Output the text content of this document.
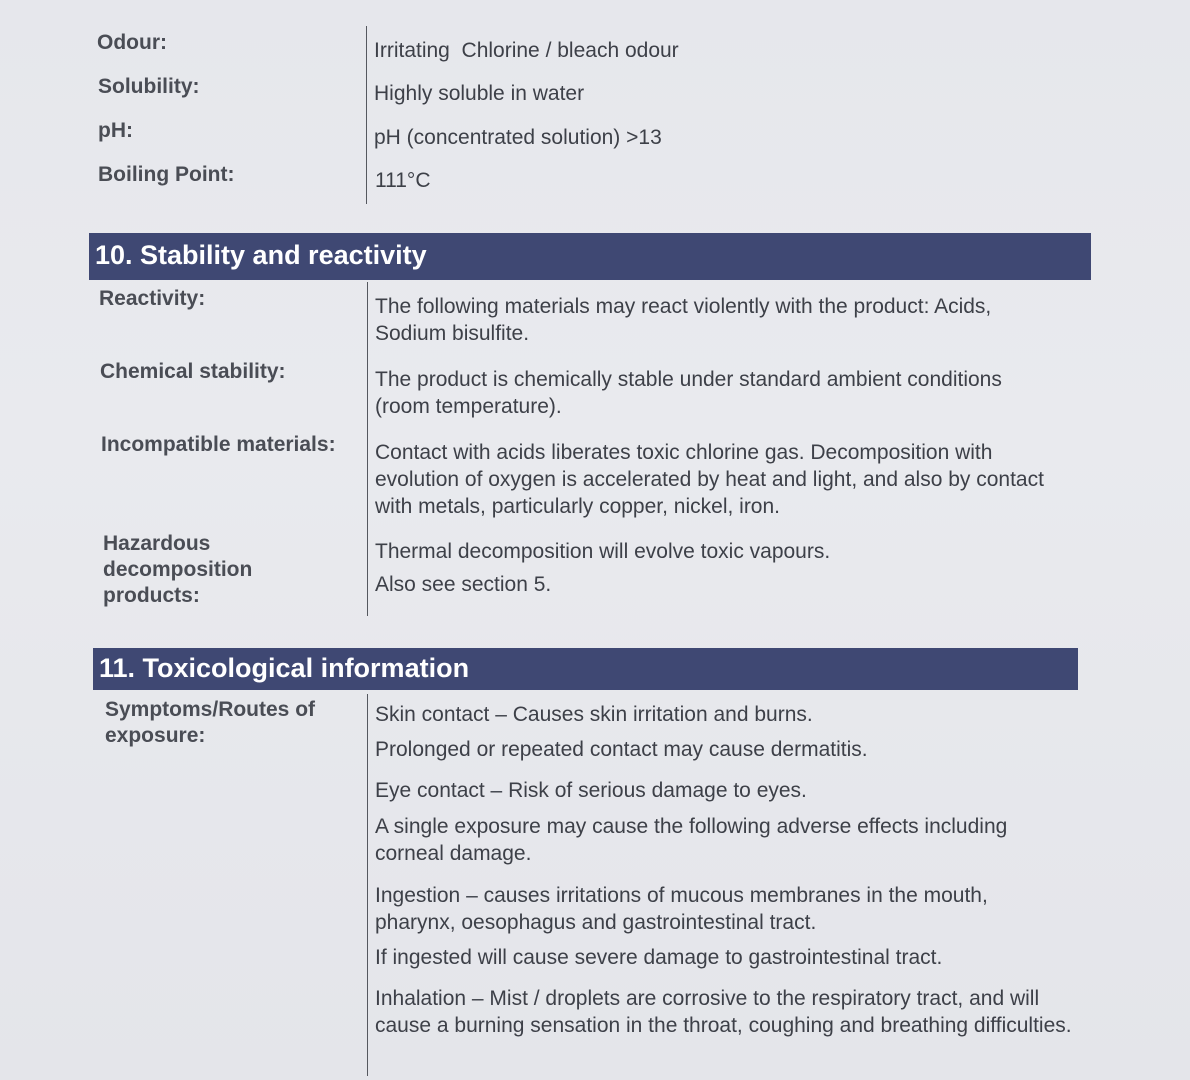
Odour:
Solubility:
pH:
Boiling Point:
Irritating  Chlorine / bleach odour
Highly soluble in water
pH (concentrated solution) >13
111°C
10. Stability and reactivity
Reactivity:	The following materials may react violently with the product: Acids, Sodium bisulfite.
Chemical stability:	The product is chemically stable under standard ambient conditions (room temperature).
Incompatible materials: Contact with acids liberates toxic chlorine gas. Decomposition with evolution of oxygen is accelerated by heat and light, and also by contact with metals, particularly copper, nickel, iron.
Hazardous
decomposition
products:
Thermal decomposition will evolve toxic vapours.
Also see section 5.
11. Toxicological information
Symptoms/Routes of
exposure:
Skin contact – Causes skin irritation and burns.
Prolonged or repeated contact may cause dermatitis.
Eye contact – Risk of serious damage to eyes.
A single exposure may cause the following adverse effects including corneal damage.
Ingestion – causes irritations of mucous membranes in the mouth, pharynx, oesophagus and gastrointestinal tract.
If ingested will cause severe damage to gastrointestinal tract.
Inhalation – Mist / droplets are corrosive to the respiratory tract, and will cause a burning sensation in the throat, coughing and breathing difficulties.
